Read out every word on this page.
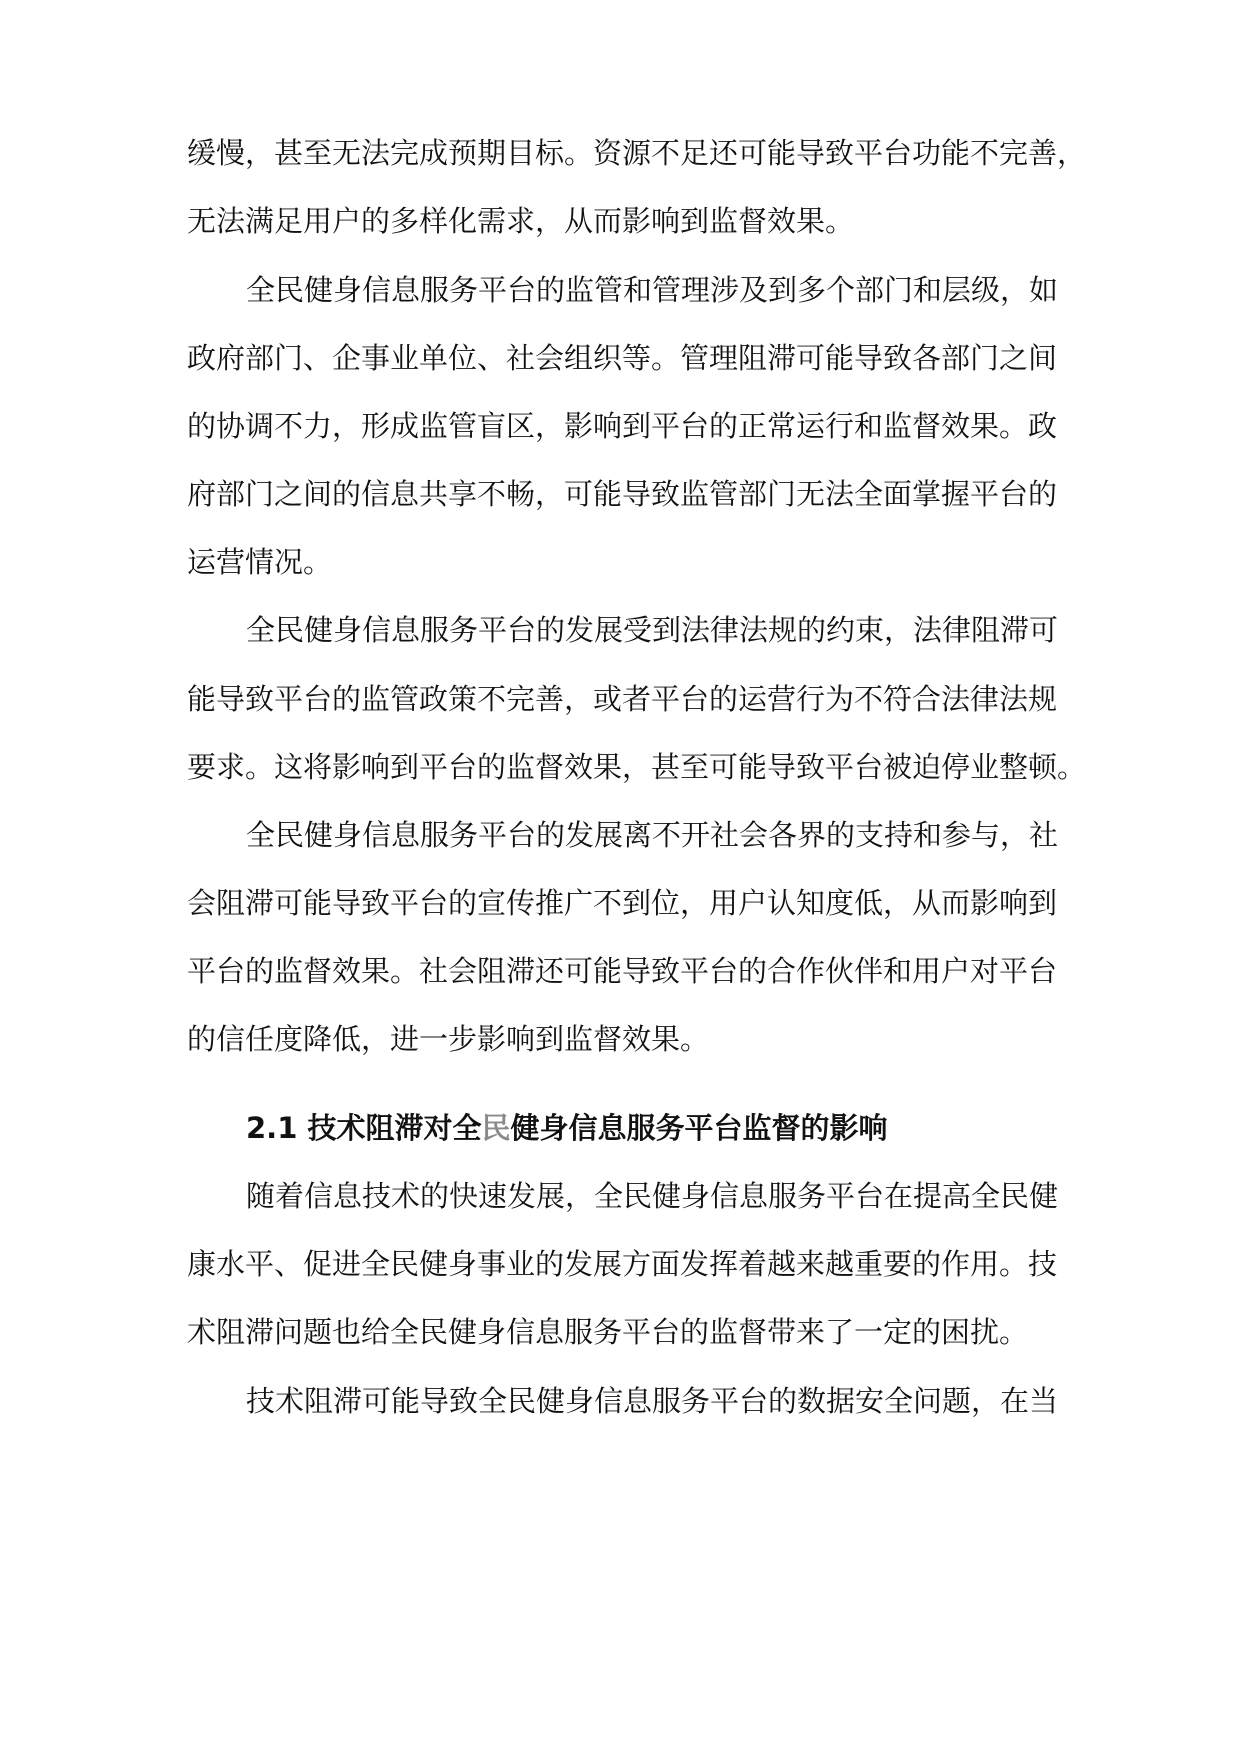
缓慢，甚至无法完成预期目标。资源不足还可能导致平台功能不完善，
无法满足用户的多样化需求，从而影响到监督效果。
全民健身信息服务平台的监管和管理涉及到多个部门和层级，如
政府部门、企事业单位、社会组织等。管理阻滞可能导致各部门之间
的协调不力，形成监管盲区，影响到平台的正常运行和监督效果。政
府部门之间的信息共享不畅，可能导致监管部门无法全面掌握平台的
运营情况。
全民健身信息服务平台的发展受到法律法规的约束，法律阻滞可
能导致平台的监管政策不完善，或者平台的运营行为不符合法律法规
要求。这将影响到平台的监督效果，甚至可能导致平台被迫停业整顿。
全民健身信息服务平台的发展离不开社会各界的支持和参与，社
会阻滞可能导致平台的宣传推广不到位，用户认知度低，从而影响到
平台的监督效果。社会阻滞还可能导致平台的合作伙伴和用户对平台
的信任度降低，进一步影响到监督效果。
2.1 技术阻滞对全民健身信息服务平台监督的影响
随着信息技术的快速发展，全民健身信息服务平台在提高全民健
康水平、促进全民健身事业的发展方面发挥着越来越重要的作用。技
术阻滞问题也给全民健身信息服务平台的监督带来了一定的困扰。
技术阻滞可能导致全民健身信息服务平台的数据安全问题，在当
